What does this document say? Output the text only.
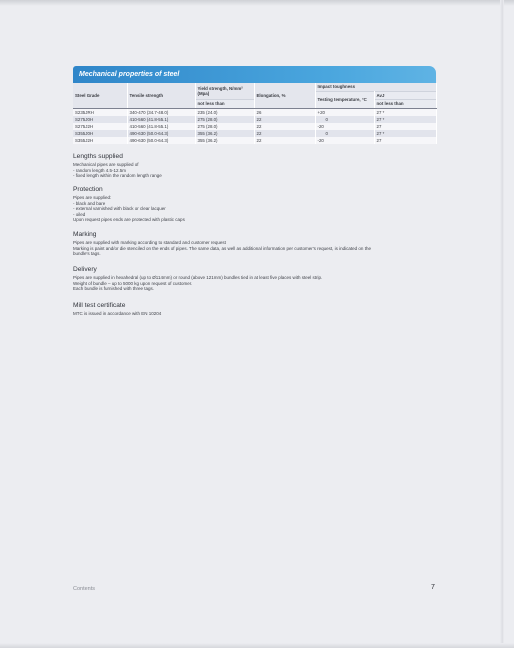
Mechanical properties of steel
Steel Grade	Tensile strength	Yield strength, N/mm² (Mpa)	Elongation, %	Impact toughness	
				Testing temperature, °C	AvJ
		not less than			not less than
S235JRH	340-470 (34.7-48.0)	235 (24.0)	26	+20	27 *
S275J0H	410-560 (41.8-55.1)	275 (28.0)	22	0	27 *
S275J2H	410-560 (41.8-55.1)	275 (28.0)	22	-20	27
S355J0H	490-630 (50.0-64.3)	355 (36.2)	22	0	27 *
S355J2H	490-630 (50.0-64.3)	355 (36.2)	22	-20	27
Lengths supplied
Mechanical pipes are supplied of
- random length 4.5-12.5m
- fixed length within the random length range
Protection
Pipes are supplied:
- black and bare
- external varnished with black or clear lacquer
- oiled
Upon request pipes ends are protected with plastic caps
Marking
Pipes are supplied with marking according to standard and customer request
Marking is paint and/or die stenciled on the ends of pipes. The same data, as well as additional information per customer's request, is indicated on the
bundle's tags.
Delivery
Pipes are supplied in hexahedral (up to Ø114mm) or round (above 121mm) bundles tied in at least five places with steel strip.
Weight of bundle – up to 5000 kg upon request of customer.
Each bundle is furnished with three tags.
Mill test certificate
MTC is issued in accordance with EN 10204
Contents	7
